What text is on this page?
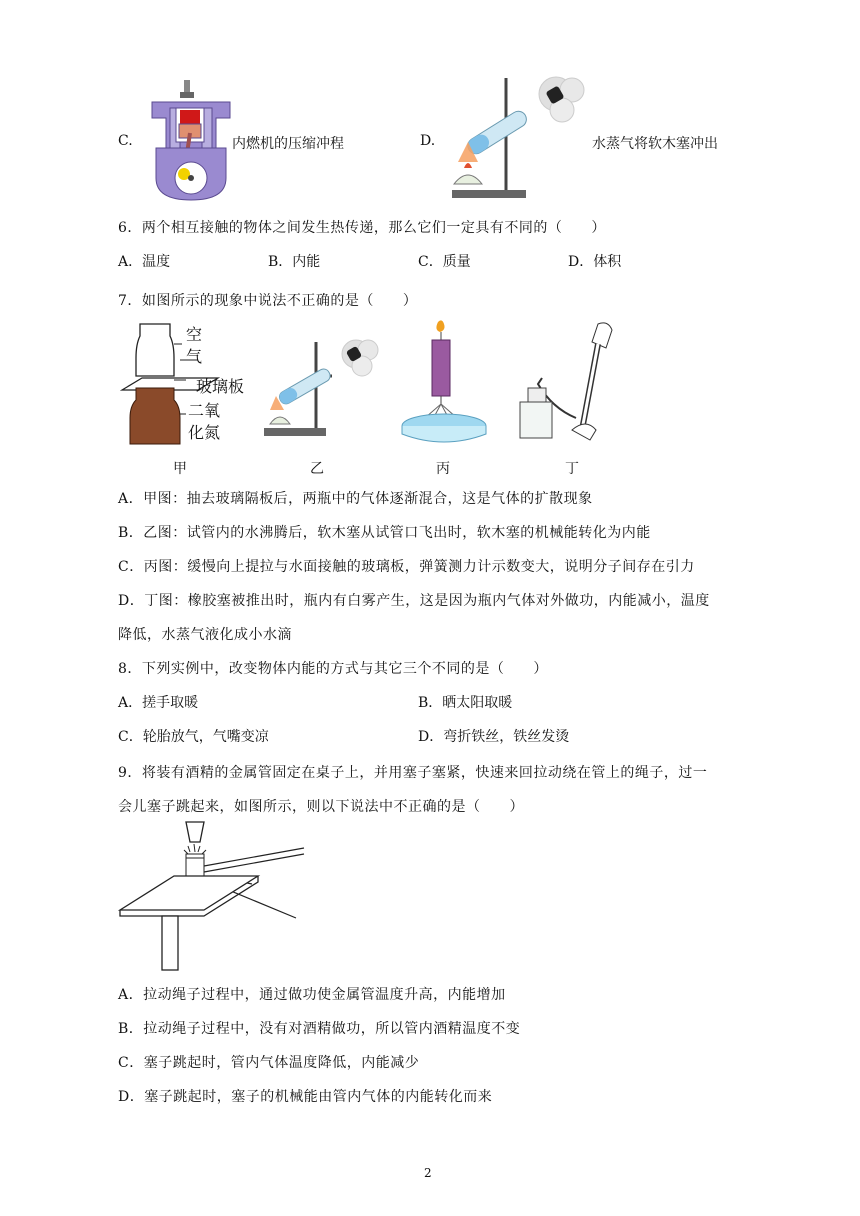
C.	内燃机的压缩冲程	D.	水蒸气将软木塞冲出
6．两个相互接触的物体之间发生热传递，那么它们一定具有不同的（　　）
A．温度	B．内能	C．质量	D．体积
7．如图所示的现象中说法不正确的是（　　）
空
气
玻璃板
二氧
化氮
甲	乙	丙	丁
A．甲图：抽去玻璃隔板后，两瓶中的气体逐渐混合，这是气体的扩散现象
B．乙图：试管内的水沸腾后，软木塞从试管口飞出时，软木塞的机械能转化为内能
C．丙图：缓慢向上提拉与水面接触的玻璃板，弹簧测力计示数变大，说明分子间存在引力
D．丁图：橡胶塞被推出时，瓶内有白雾产生，这是因为瓶内气体对外做功，内能减小，温度
降低，水蒸气液化成小水滴
8．下列实例中，改变物体内能的方式与其它三个不同的是（　　）
A．搓手取暖	B．晒太阳取暖
C．轮胎放气，气嘴变凉	D．弯折铁丝，铁丝发烫
9．将装有酒精的金属管固定在桌子上，并用塞子塞紧，快速来回拉动绕在管上的绳子，过一
会儿塞子跳起来，如图所示，则以下说法中不正确的是（　　）
A．拉动绳子过程中，通过做功使金属管温度升高，内能增加
B．拉动绳子过程中，没有对酒精做功，所以管内酒精温度不变
C．塞子跳起时，管内气体温度降低，内能减少
D．塞子跳起时，塞子的机械能由管内气体的内能转化而来
2
